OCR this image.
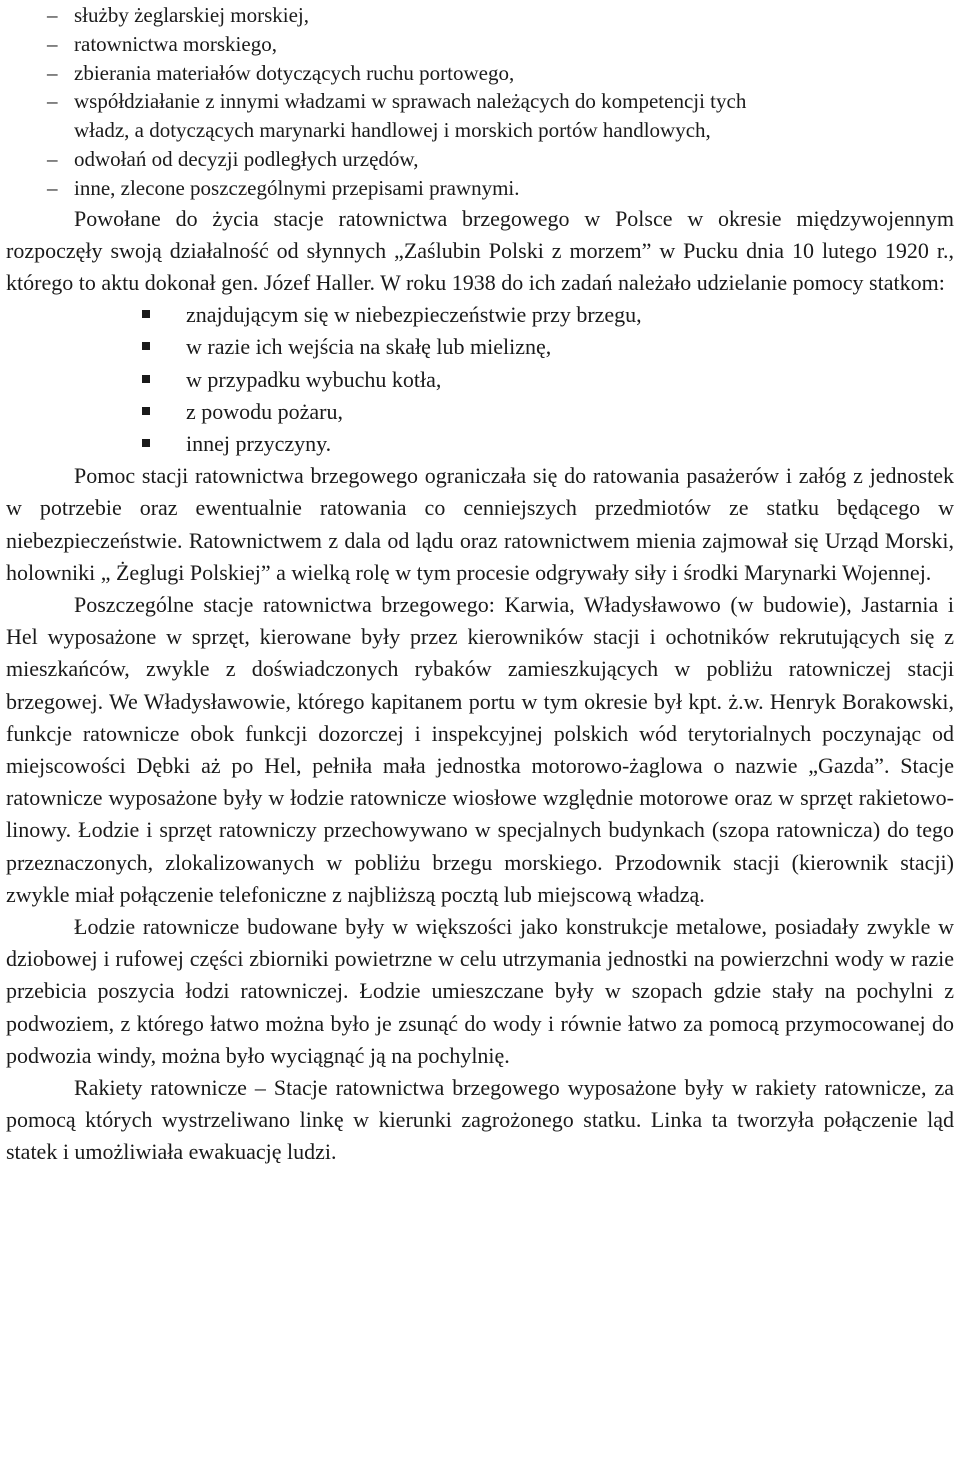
– służby żeglarskiej morskiej,
– ratownictwa morskiego,
– zbierania materiałów dotyczących ruchu portowego,
– współdziałanie z innymi władzami w sprawach należących do kompetencji tych
władz, a dotyczących marynarki handlowej i morskich portów handlowych,
– odwołań od decyzji podległych urzędów,
– inne, zlecone poszczególnymi przepisami prawnymi.

Powołane do życia stacje ratownictwa brzegowego w Polsce w okresie międzywojennym rozpoczęły swoją działalność od słynnych „Zaślubin Polski z morzem” w Pucku dnia 10 lutego 1920 r., którego to aktu dokonał gen. Józef Haller. W roku 1938 do ich zadań należało udzielanie pomocy statkom:

znajdującym się w niebezpieczeństwie przy brzegu,
w razie ich wejścia na skałę lub mieliznę,
w przypadku wybuchu kotła,
z powodu pożaru,
innej przyczyny.

Pomoc stacji ratownictwa brzegowego ograniczała się do ratowania pasażerów i załóg z jednostek w potrzebie oraz ewentualnie ratowania co cenniejszych przedmiotów ze statku będącego w niebezpieczeństwie. Ratownictwem z dala od lądu oraz ratownictwem mienia zajmował się Urząd Morski, holowniki „ Żeglugi Polskiej” a wielką rolę w tym procesie odgrywały siły i środki Marynarki Wojennej.

Poszczególne stacje ratownictwa brzegowego: Karwia, Władysławowo (w budowie), Jastarnia i Hel wyposażone w sprzęt, kierowane były przez kierowników stacji i ochotników rekrutujących się z mieszkańców, zwykle z doświadczonych rybaków zamieszkujących w pobliżu ratowniczej stacji brzegowej. We Władysławowie, którego kapitanem portu w tym okresie był kpt. ż.w. Henryk Borakowski, funkcje ratownicze obok funkcji dozorczej i inspekcyjnej polskich wód terytorialnych poczynając od miejscowości Dębki aż po Hel, pełniła mała jednostka motorowo-żaglowa o nazwie „Gazda”. Stacje ratownicze wyposażone były w łodzie ratownicze wiosłowe względnie motorowe oraz w sprzęt rakietowo-linowy. Łodzie i sprzęt ratowniczy przechowywano w specjalnych budynkach (szopa ratownicza) do tego przeznaczonych, zlokalizowanych w pobliżu brzegu morskiego. Przodownik stacji (kierownik stacji) zwykle miał połączenie telefoniczne z najbliższą pocztą lub miejscową władzą.

Łodzie ratownicze budowane były w większości jako konstrukcje metalowe, posiadały zwykle w dziobowej i rufowej części zbiorniki powietrzne w celu utrzymania jednostki na powierzchni wody w razie przebicia poszycia łodzi ratowniczej. Łodzie umieszczane były w szopach gdzie stały na pochylni z podwoziem, z którego łatwo można było je zsunąć do wody i równie łatwo za pomocą przymocowanej do podwozia windy, można było wyciągnąć ją na pochylnię.

Rakiety ratownicze – Stacje ratownictwa brzegowego wyposażone były w rakiety ratownicze, za pomocą których wystrzeliwano linkę w kierunki zagrożonego statku. Linka ta tworzyła połączenie ląd statek i umożliwiała ewakuację ludzi.
